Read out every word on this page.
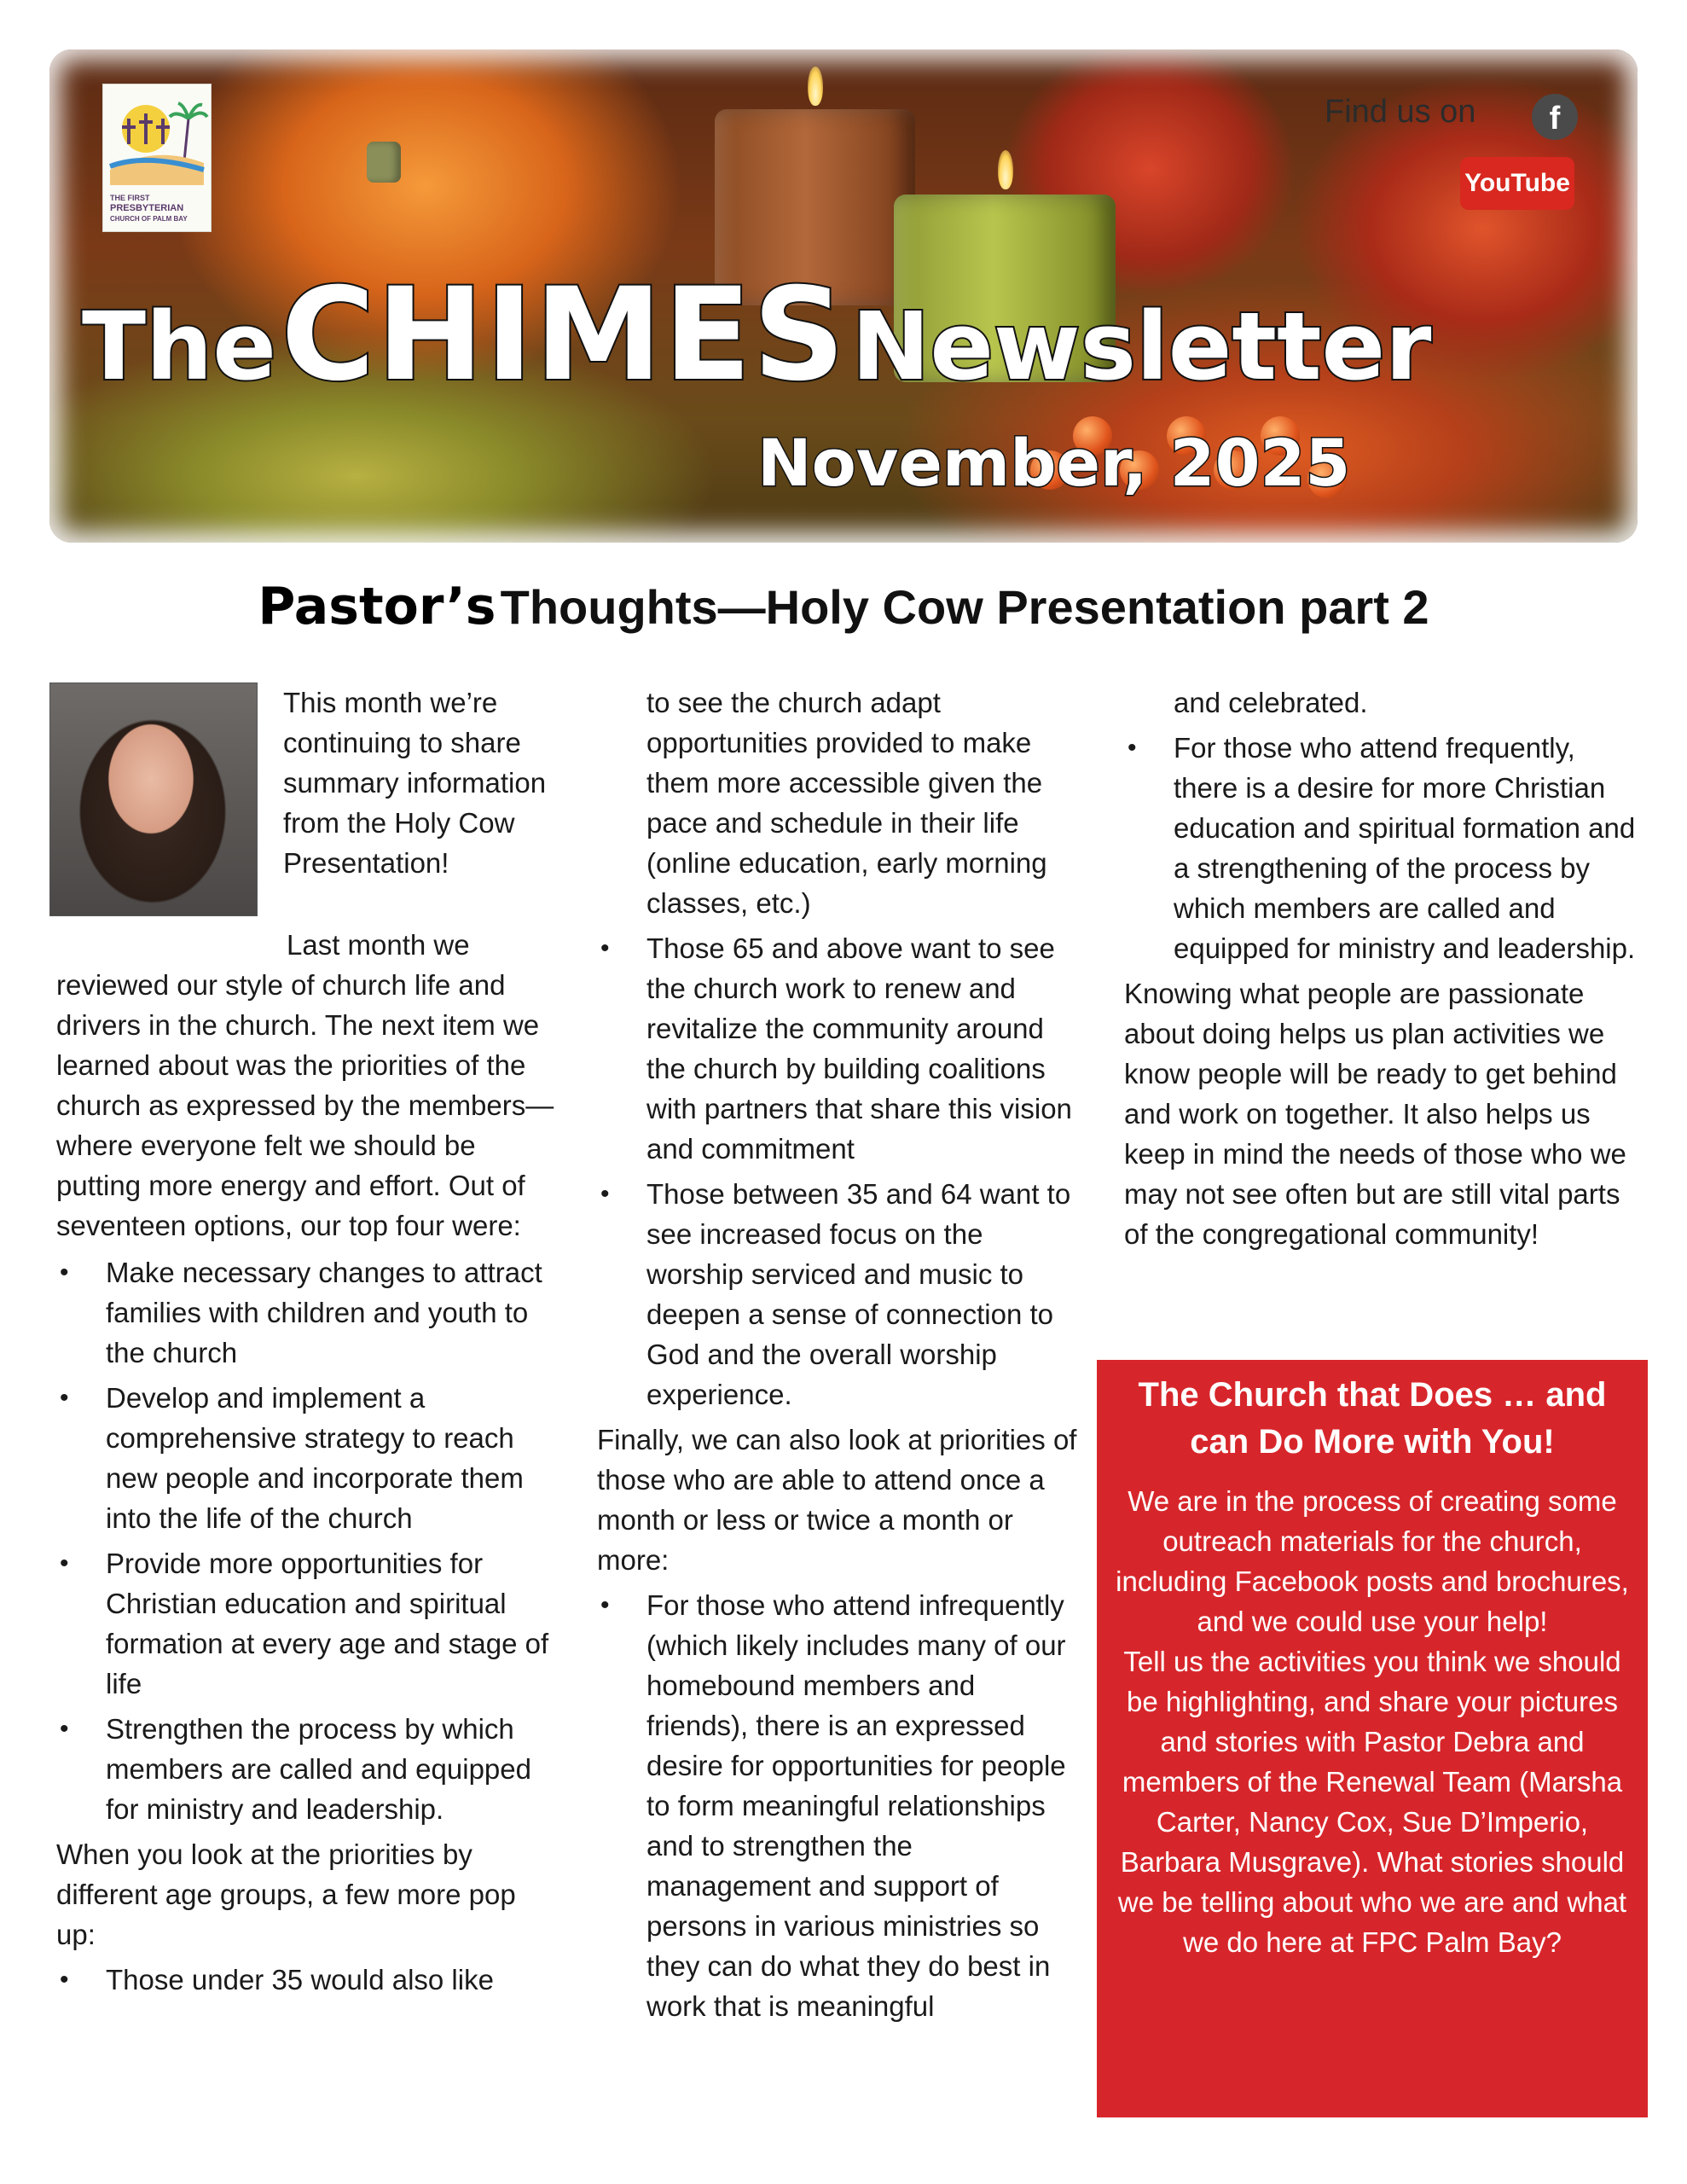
THE FIRST
PRESBYTERIAN
CHURCH OF PALM BAY
Find us on	f
YouTube
The CHIMES Newsletter
November, 2025
Pastor’s Thoughts—Holy Cow Presentation part 2

This month we’re continuing to share summary information from the Holy Cow Presentation!

Last month we reviewed our style of church life and drivers in the church. The next item we learned about was the priorities of the church as expressed by the members—where everyone felt we should be putting more energy and effort. Out of seventeen options, our top four were:

• Make necessary changes to attract families with children and youth to the church
• Develop and implement a comprehensive strategy to reach new people and incorporate them into the life of the church
• Provide more opportunities for Christian education and spiritual formation at every age and stage of life
• Strengthen the process by which members are called and equipped for ministry and leadership.

When you look at the priorities by different age groups, a few more pop up:

• Those under 35 would also like

to see the church adapt opportunities provided to make them more accessible given the pace and schedule in their life (online education, early morning classes, etc.)

• Those 65 and above want to see the church work to renew and revitalize the community around the church by building coalitions with partners that share this vision and commitment
• Those between 35 and 64 want to see increased focus on the worship serviced and music to deepen a sense of connection to God and the overall worship experience.

Finally, we can also look at priorities of those who are able to attend once a month or less or twice a month or more:

• For those who attend infrequently (which likely includes many of our homebound members and friends), there is an expressed desire for opportunities for people to form meaningful relationships and to strengthen the management and support of persons in various ministries so they can do what they do best in work that is meaningful

and celebrated.

• For those who attend frequently, there is a desire for more Christian education and spiritual formation and a strengthening of the process by which members are called and equipped for ministry and leadership.

Knowing what people are passionate about doing helps us plan activities we know people will be ready to get behind and work on together. It also helps us keep in mind the needs of those who we may not see often but are still vital parts of the congregational community!

The Church that Does … and can Do More with You!
We are in the process of creating some outreach materials for the church, including Facebook posts and brochures, and we could use your help!
Tell us the activities you think we should be highlighting, and share your pictures and stories with Pastor Debra and members of the Renewal Team (Marsha Carter, Nancy Cox, Sue D’Imperio, Barbara Musgrave). What stories should we be telling about who we are and what we do here at FPC Palm Bay?
